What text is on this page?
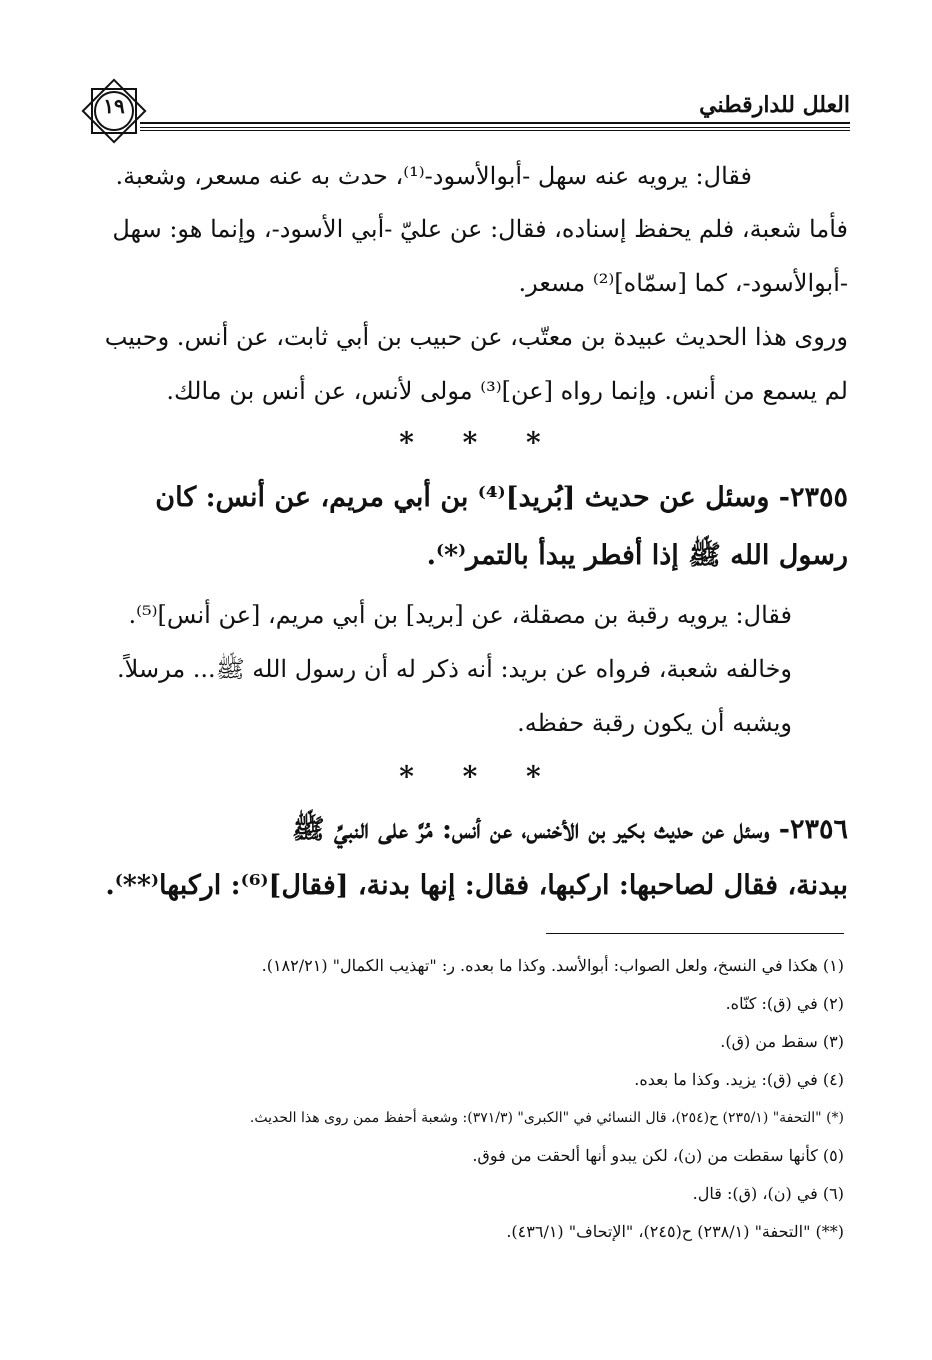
العلل للدارقطني
١٩
فقال: يرويه عنه سهل -أبوالأسود-⁽¹⁾، حدث به عنه مسعر، وشعبة.
فأما شعبة، فلم يحفظ إسناده، فقال: عن عليّ -أبي الأسود-، وإنما هو: سهل
-أبوالأسود-، كما [سمّاه]⁽²⁾ مسعر.
وروى هذا الحديث عبيدة بن معتّب، عن حبيب بن أبي ثابت، عن أنس. وحبيب
لم يسمع من أنس. وإنما رواه [عن]⁽³⁾ مولى لأنس، عن أنس بن مالك.
*     *     *
٢٣٥٥- وسئل عن حديث [بُريد]⁽⁴⁾ بن أبي مريم، عن أنس: كان
رسول الله ﷺ إذا أفطر يبدأ بالتمر⁽*⁾.
فقال: يرويه رقبة بن مصقلة، عن [بريد] بن أبي مريم، [عن أنس]⁽⁵⁾.
وخالفه شعبة، فرواه عن بريد: أنه ذكر له أن رسول الله ﷺ... مرسلاً.
ويشبه أن يكون رقبة حفظه.
*     *     *
٢٣٥٦- وسئل عن حديث بكير بن الأخنس، عن أنس: مُرَّ على النبيِّ ﷺ
ببدنة، فقال لصاحبها: اركبها، فقال: إنها بدنة، [فقال]⁽⁶⁾: اركبها⁽**⁾.
(١) هكذا في النسخ، ولعل الصواب: أبوالأسد. وكذا ما بعده. ر: "تهذيب الكمال" (١٨٢/٢١).
(٢) في (ق): كنّاه.
(٣) سقط من (ق).
(٤) في (ق): يزيد. وكذا ما بعده.
(*) "التحفة" (٢٣٥/١) ح(٢٥٤)، قال النسائي في "الكبرى" (٣٧١/٣): وشعبة أحفظ ممن روى هذا الحديث.
(٥) كأنها سقطت من (ن)، لكن يبدو أنها ألحقت من فوق.
(٦) في (ن)، (ق): قال.
(**) "التحفة" (٢٣٨/١) ح(٢٤٥)، "الإتحاف" (٤٣٦/١).
